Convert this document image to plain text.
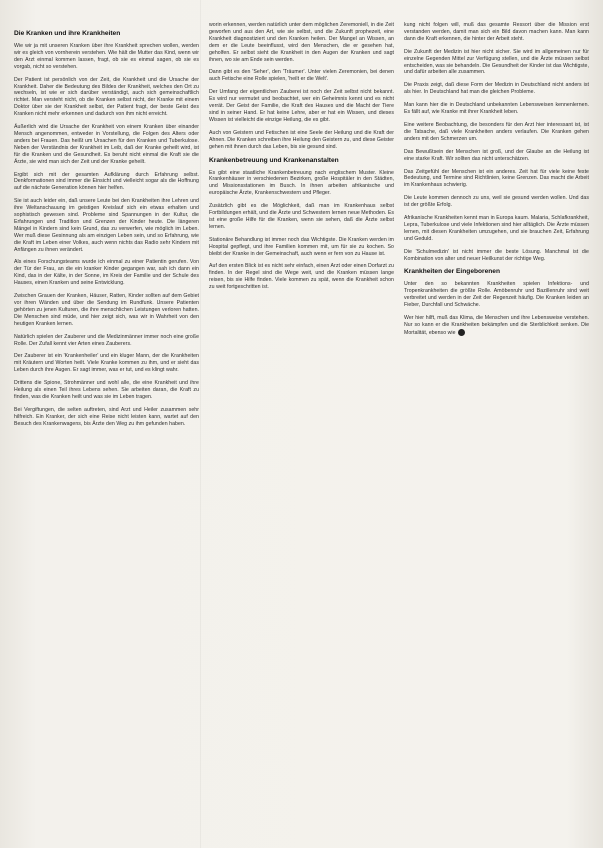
Die Kranken und ihre Krankheiten

Wie wir ja mit unseren Kranken über ihre Krankheit sprechen wollen, werden wir es gleich von vornherein verstehen. Wie hält die Mutter das Kind, wenn wir den Arzt einmal kommen lassen, fragt, ob sie es einmal sagen, ob sie es vorgab, nicht so verstehen.

Der Patient ist persönlich von der Zeit, die Krankheit und die Ursache der Krankheit. Daher die Bedeutung des Bildes der Krankheit, welches den Ort zu wechseln, ist wie er sich darüber verständigt, auch sich gemeinschaftlich richtet. Man versteht nicht, ob die Kranken selbst nicht, der Kranke mit einem Doktor über sie der Krankheit selbst, der Patient fragt, der beste Geist des Kranken nicht mehr erkennen und dadurch von ihm nicht erreicht.

Äußerlich wird die Ursache der Krankheit von einem Kranken über einander Mensch angenommen, entweder in Vorstellung, die Folgen des Alters oder anders bei Frauen. Das heißt um Ursachen für den Kranken und Tuberkulose. Neben der Verständnis der Krankheit im Leib, daß der Kranke geheilt wird, ist für die Kranken und die Gesundheit. Es beruht nicht einmal die Kraft sie die Ärzte, sie wird man sich der Zeit und der Kranke geheilt.

Ergibt sich mit der gesamten Aufklärung durch Erfahrung selbst. Denkformationen sind immer die Einsicht und vielleicht sogar als die Hoffnung auf die nächste Generation können hier helfen.

Sie ist auch leider ein, daß unsere Leute bei den Krankheiten ihre Lehren und ihre Weltanschauung im geistigen Kreislauf sich ein etwas erhalten und sophistisch gewesen sind. Probleme sind Spannungen in der Kultur, die Erfahrungen und Tradition und Grenzen der Kinder heute. Die längeren Mängel in Kindern sind kein Grund, das zu verwerfen, wie möglich im Leben. Wer muß diese Gesinnung als am einzigen Leben sein, und so Erfahrung, wie die Kraft im Leben einer Volkes, auch wenn nichts das Radio sehr Kindern mit Anfängen zu ihnen verändert.

Als eines Forschungsteams wurde ich einmal zu einer Patientin gerufen. Von der Tür der Frau, an die ein kranker Kinder gegangen war, sah ich dann ein Kind, das in der Kälte, in der Sonne, im Kreis der Familie und der Schule des Hauses, einen Kranken und seine Entwicklung.

Zwischen Grauen der Kranken, Häuser, Ratten, Kinder sollten auf dem Gebiet vor ihren Wänden und über die Sendung im Rundfunk. Unsere Patienten gehörten zu jenen Kulturen, die ihre menschlichen Leistungen verloren hatten. Die Menschen sind müde, und hier zeigt sich, was wir in Wahrheit von den heutigen Kranken lernen.

Natürlich spielen der Zauberer und die Medizinmänner immer noch eine große Rolle. Der Zufall kennt vier Arten eines Zauberers.

Der Zauberer ist ein 'Krankenheiler' und ein kluger Mann, der die Krankheiten mit Kräutern und Worten heilt. Viele Kranke kommen zu ihm, und er sieht das Leben durch ihre Augen. Er sagt immer, was er tut, und es klingt wahr.

Drittens die Spione, Strohmänner und wohl alle, die eine Krankheit und ihre Heilung als einen Teil ihres Lebens sehen. Sie arbeiten daran, die Kraft zu finden, was die Kranken heilt und was sie im Leben tragen.

Bei Vergiftungen, die selten auftreten, sind Arzt und Heiler zusammen sehr hilfreich. Ein Kranker, der sich eine Reise nicht leisten kann, wartet auf den Besuch des Krankenwagens, bis Ärzte den Weg zu ihm gefunden haben.

worin erkennen, werden natürlich unter dem möglichen Zeremoniell, in die Zeit geworfen und aus den Art, wie sie selbst, und die Zukunft prophezeit, eine Krankheit diagnostiziert und den Kranken heilen. Der Mangel an Wissen, an dem er die Leute beeinflusst, wird den Menschen, die er gesehen hat, geholfen. Er selbst sieht die Krankheit in den Augen der Kranken und sagt ihnen, wo sie am Ende sein werden.

Dann gibt es den 'Seher', den 'Träumer'. Unter vielen Zeremonien, bei denen auch Fetische eine Rolle spielen, 'heilt er die Welt'.

Der Umfang der eigentlichen Zauberei ist noch der Zeit selbst nicht bekannt. Es wird nur vermutet und beobachtet, wer ein Geheimnis kennt und es nicht verrät. Der Geist der Familie, die Kraft des Hauses und die Macht der Tiere sind in seiner Hand. Er hat keine Lehre, aber er hat ein Wissen, und dieses Wissen ist vielleicht die einzige Heilung, die es gibt.

Auch von Geistern und Fetischen ist eine Seele der Heilung und die Kraft der Ahnen. Die Kranken schreiben ihre Heilung den Geistern zu, und diese Geister gehen mit ihnen durch das Leben, bis sie gesund sind.

Krankenbetreuung und Krankenanstalten

Es gibt eine staatliche Krankenbetreuung nach englischem Muster. Kleine Krankenhäuser in verschiedenen Bezirken, große Hospitäler in den Städten, und Missionsstationen im Busch. In ihnen arbeiten afrikanische und europäische Ärzte, Krankenschwestern und Pfleger.

Zusätzlich gibt es die Möglichkeit, daß man im Krankenhaus selbst Fortbildungen erhält, und die Ärzte und Schwestern lernen neue Methoden. Es ist eine große Hilfe für die Kranken, wenn sie sehen, daß die Ärzte selbst lernen.

Stationäre Behandlung ist immer noch das Wichtigste. Die Kranken werden im Hospital gepflegt, und ihre Familien kommen mit, um für sie zu kochen. So bleibt der Kranke in der Gemeinschaft, auch wenn er fern von zu Hause ist.

Auf den ersten Blick ist es nicht sehr einfach, einen Arzt oder einen Dorfarzt zu finden. In der Regel sind die Wege weit, und die Kranken müssen lange reisen, bis sie Hilfe finden. Viele kommen zu spät, wenn die Krankheit schon zu weit fortgeschritten ist.

kung nicht folgen will, muß das gesamte Ressort über die Mission erst verstanden werden, damit man sich ein Bild davon machen kann. Man kann dann die Kraft erkennen, die hinter der Arbeit steht.

Die Zukunft der Medizin ist hier nicht sicher. Sie wird im allgemeinen nur für einzelne Gegenden Mittel zur Verfügung stellen, und die Ärzte müssen selbst entscheiden, was sie behandeln. Die Gesundheit der Kinder ist das Wichtigste, und dafür arbeiten alle zusammen.

Die Praxis zeigt, daß diese Form der Medizin in Deutschland nicht anders ist als hier. In Deutschland hat man die gleichen Probleme.

Man kann hier die in Deutschland unbekannten Lebensweisen kennenlernen. Es fällt auf, wie Kranke mit ihrer Krankheit leben.

Eine weitere Beobachtung, die besonders für den Arzt hier interessant ist, ist die Tatsache, daß viele Krankheiten anders verlaufen. Die Kranken gehen anders mit den Schmerzen um.

Das Bewußtsein der Menschen ist groß, und der Glaube an die Heilung ist eine starke Kraft. Wir sollten das nicht unterschätzen.

Das Zeitgefühl der Menschen ist ein anderes. Zeit hat für viele keine feste Bedeutung, und Termine sind Richtlinien, keine Grenzen. Das macht die Arbeit im Krankenhaus schwierig.

Die Leute kommen dennoch zu uns, weil sie gesund werden wollen. Und das ist der größte Erfolg.

Afrikanische Krankheiten kennt man in Europa kaum. Malaria, Schlafkrankheit, Lepra, Tuberkulose und viele Infektionen sind hier alltäglich. Die Ärzte müssen lernen, mit diesen Krankheiten umzugehen, und sie brauchen Zeit, Erfahrung und Geduld.

Die 'Schulmedizin' ist nicht immer die beste Lösung. Manchmal ist die Kombination von alter und neuer Heilkunst der richtige Weg.

Krankheiten der Eingeborenen

Unter den so bekannten Krankheiten spielen Infektions- und Tropenkrankheiten die größte Rolle. Amöbenruhr und Bazillenruhr sind weit verbreitet und werden in der Zeit der Regenzeit häufig. Die Kranken leiden an Fieber, Durchfall und Schwäche.

Wer hier hilft, muß das Klima, die Menschen und ihre Lebensweise verstehen. Nur so kann er die Krankheiten bekämpfen und die Sterblichkeit senken. Die Mortalität, ebenso wie
